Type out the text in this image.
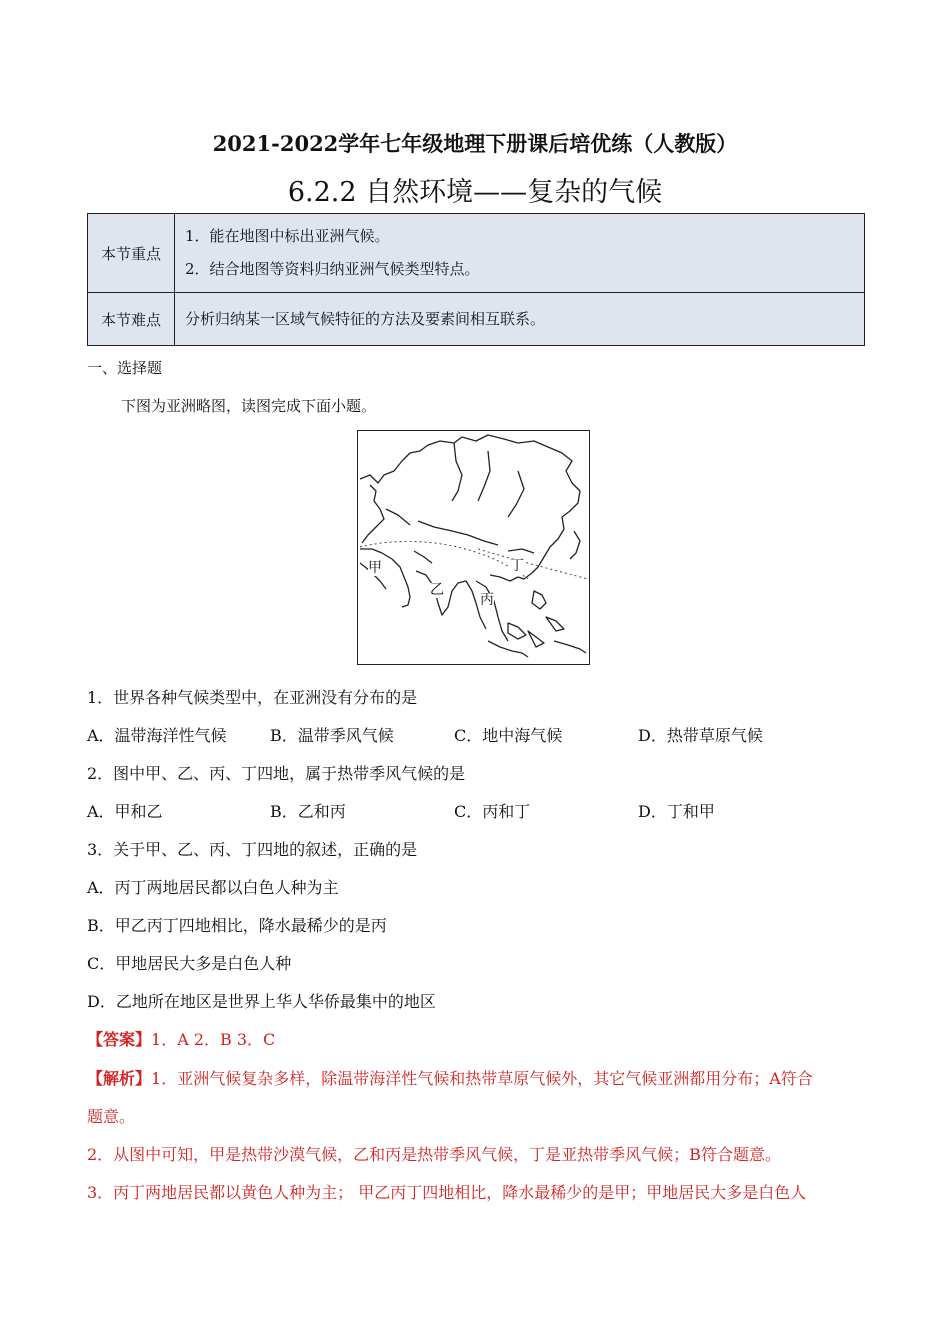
2021-2022学年七年级地理下册课后培优练（人教版）
6.2.2 自然环境——复杂的气候
本节重点	1．能在地图中标出亚洲气候。
2．结合地图等资料归纳亚洲气候类型特点。

本节难点	分析归纳某一区域气候特征的方法及要素间相互联系。
一、选择题
下图为亚洲略图，读图完成下面小题。
甲
乙
丙
丁
1．世界各种气候类型中，在亚洲没有分布的是
A．温带海洋性气候	B．温带季风气候	C．地中海气候	D．热带草原气候
2．图中甲、乙、丙、丁四地，属于热带季风气候的是
A．甲和乙	B．乙和丙	C．丙和丁	D．丁和甲
3．关于甲、乙、丙、丁四地的叙述，正确的是
A．丙丁两地居民都以白色人种为主
B．甲乙丙丁四地相比，降水最稀少的是丙
C．甲地居民大多是白色人种
D．乙地所在地区是世界上华人华侨最集中的地区
【答案】1．A 2．B 3．C
【解析】1．亚洲气候复杂多样，除温带海洋性气候和热带草原气候外，其它气候亚洲都用分布；A符合
题意。
2．从图中可知，甲是热带沙漠气候，乙和丙是热带季风气候，丁是亚热带季风气候；B符合题意。
3．丙丁两地居民都以黄色人种为主； 甲乙丙丁四地相比，降水最稀少的是甲；甲地居民大多是白色人
